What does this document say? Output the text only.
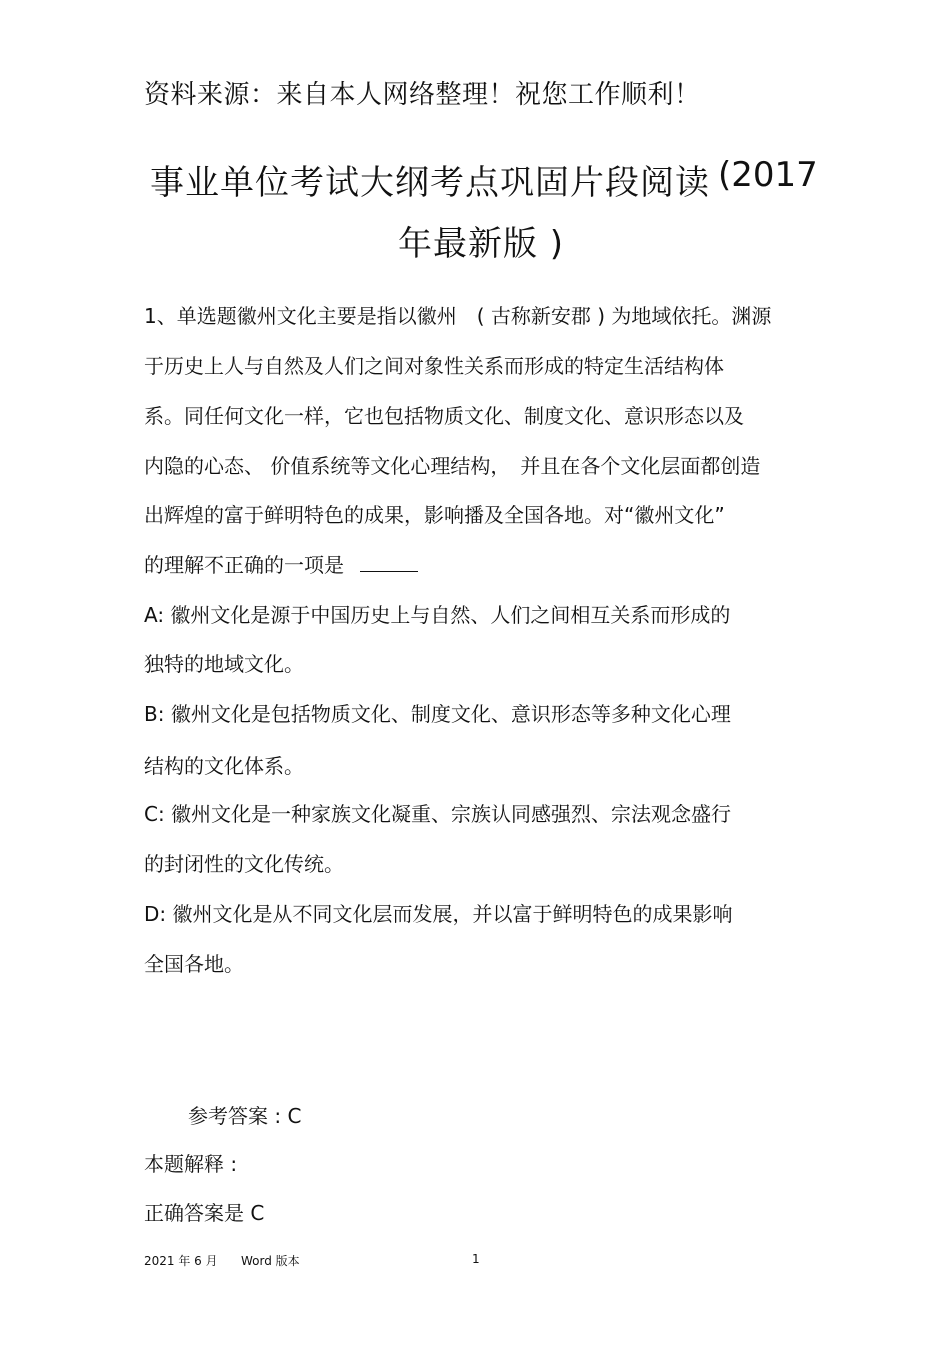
资料来源：来自本人网络整理！祝您工作顺利！
事业单位考试大纲考点巩固片段阅读 (2017
年最新版 )
1、单选题徽州文化主要是指以徽州　( 古称新安郡 ) 为地域依托。渊源
于历史上人与自然及人们之间对象性关系而形成的特定生活结构体
系。同任何文化一样，它也包括物质文化、制度文化、意识形态以及
内隐的心态、 价值系统等文化心理结构，　并且在各个文化层面都创造
出辉煌的富于鲜明特色的成果，影响播及全国各地。对“徽州文化”
的理解不正确的一项是
A: 徽州文化是源于中国历史上与自然、人们之间相互关系而形成的
独特的地域文化。
B: 徽州文化是包括物质文化、制度文化、意识形态等多种文化心理
结构的文化体系。
C: 徽州文化是一种家族文化凝重、宗族认同感强烈、宗法观念盛行
的封闭性的文化传统。
D: 徽州文化是从不同文化层而发展，并以富于鲜明特色的成果影响
全国各地。
参考答案 : C
本题解释 :
正确答案是 C
2021 年 6 月 Word 版本	1
